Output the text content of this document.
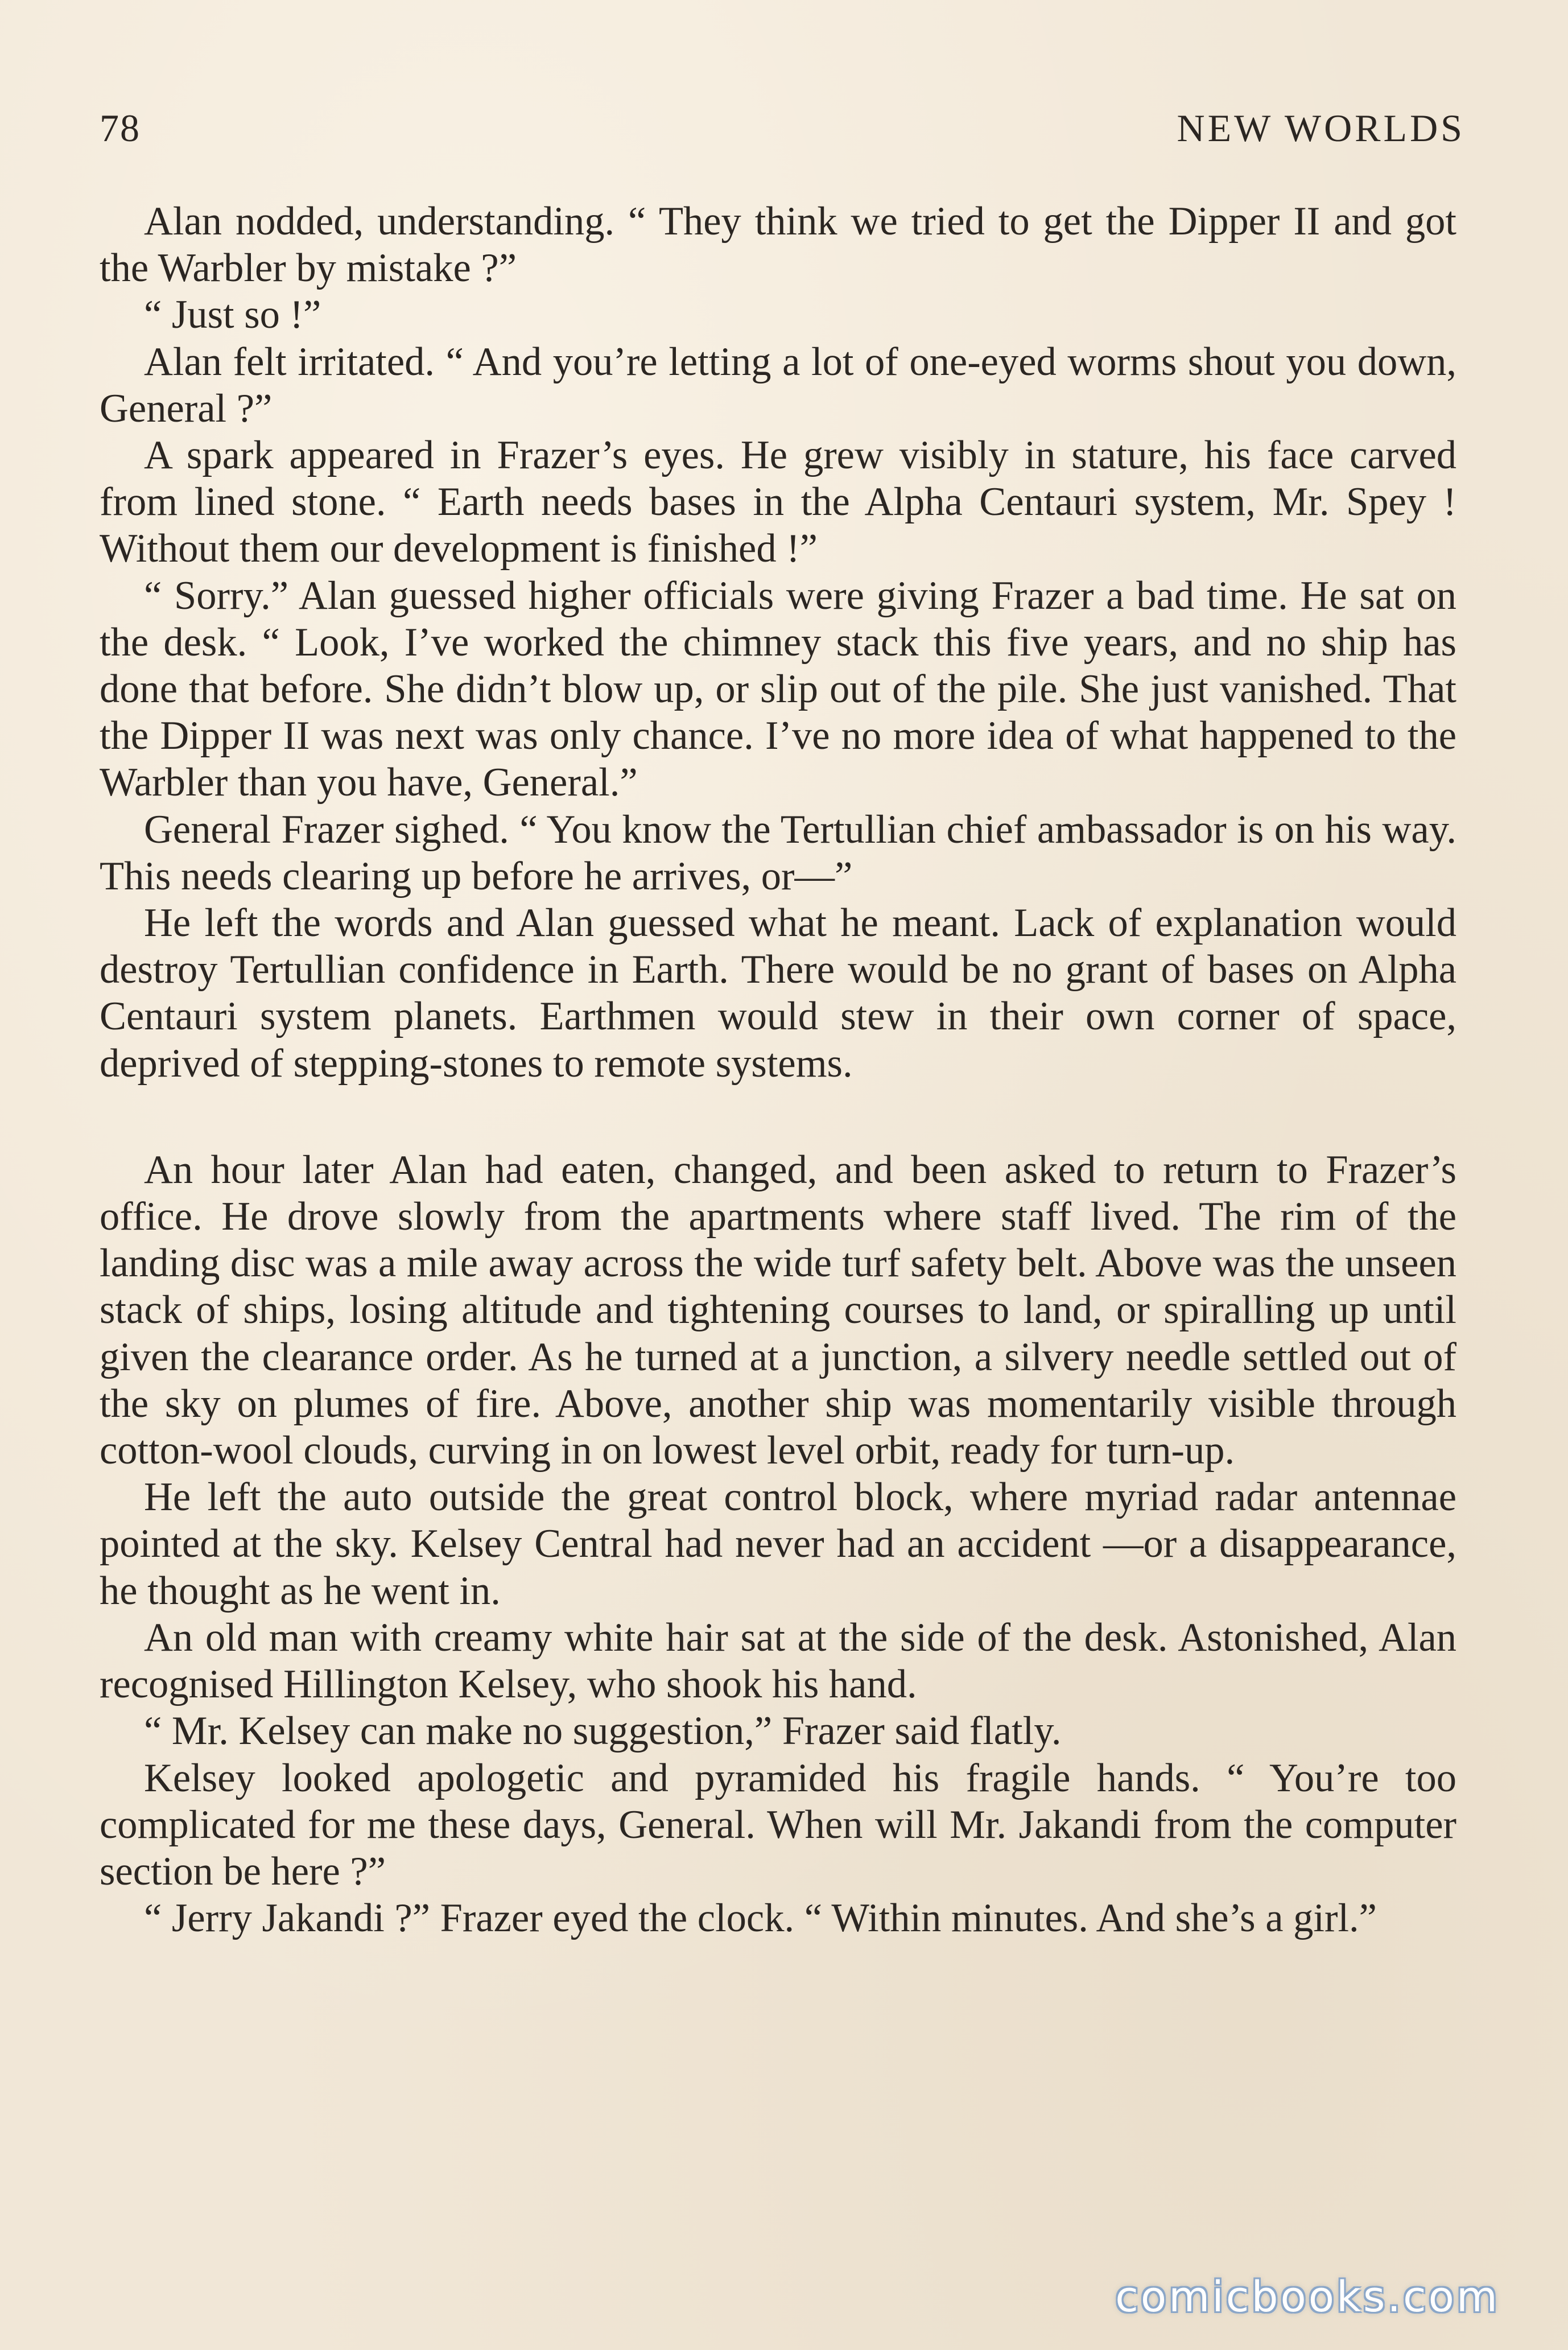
78	NEW WORLDS

Alan nodded, understanding. “ They think we tried to get the Dipper II and got the Warbler by mistake ?”

“ Just so !”

Alan felt irritated. “ And you’re letting a lot of one-eyed worms shout you down, General ?”

A spark appeared in Frazer’s eyes. He grew visibly in stature, his face carved from lined stone. “ Earth needs bases in the Alpha Centauri system, Mr. Spey ! Without them our development is finished !”

“ Sorry.” Alan guessed higher officials were giving Frazer a bad time. He sat on the desk. “ Look, I’ve worked the chimney stack this five years, and no ship has done that before. She didn’t blow up, or slip out of the pile. She just vanished. That the Dipper II was next was only chance. I’ve no more idea of what happened to the Warbler than you have, General.”

General Frazer sighed. “ You know the Tertullian chief ambassador is on his way. This needs clearing up before he arrives, or—”

He left the words and Alan guessed what he meant. Lack of explanation would destroy Tertullian confidence in Earth. There would be no grant of bases on Alpha Centauri system planets. Earthmen would stew in their own corner of space, deprived of stepping-stones to remote systems.

An hour later Alan had eaten, changed, and been asked to return to Frazer’s office. He drove slowly from the apartments where staff lived. The rim of the landing disc was a mile away across the wide turf safety belt. Above was the unseen stack of ships, losing altitude and tightening courses to land, or spiralling up until given the clearance order. As he turned at a junction, a silvery needle settled out of the sky on plumes of fire. Above, another ship was momentarily visible through cotton-wool clouds, curving in on lowest level orbit, ready for turn-up.

He left the auto outside the great control block, where myriad radar antennae pointed at the sky. Kelsey Central had never had an accident —or a disappearance, he thought as he went in.

An old man with creamy white hair sat at the side of the desk. Astonished, Alan recognised Hillington Kelsey, who shook his hand.

“ Mr. Kelsey can make no suggestion,” Frazer said flatly.

Kelsey looked apologetic and pyramided his fragile hands. “ You’re too complicated for me these days, General. When will Mr. Jakandi from the computer section be here ?”

“ Jerry Jakandi ?” Frazer eyed the clock. “ Within minutes. And she’s a girl.”

comicbooks.com
